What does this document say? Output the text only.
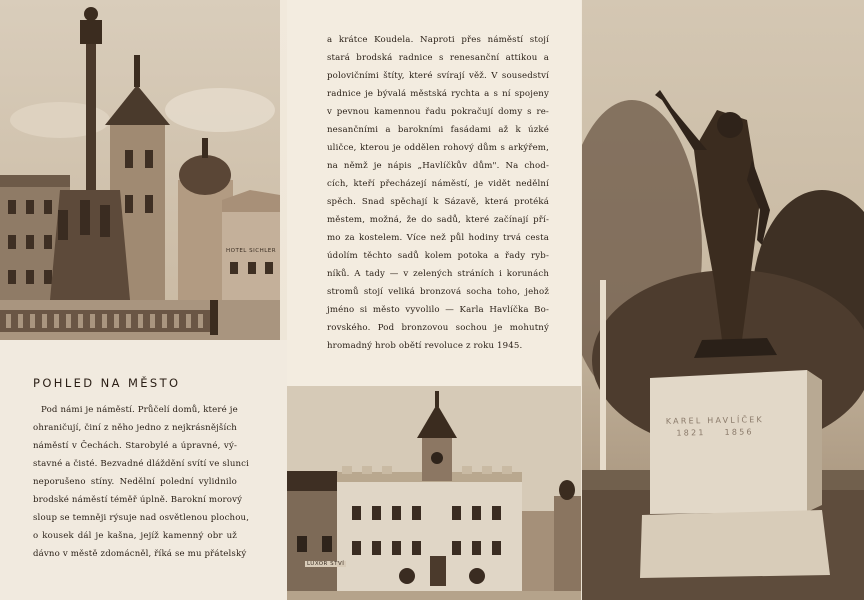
HOTEL SICHLER
a krátce Koudela. Naproti přes náměstí stojí
stará brodská radnice s renesanční attikou a
polovičními štíty, které svírají věž. V sousedství
radnice je bývalá městská rychta a s ní spojeny
v pevnou kamennou řadu pokračují domy s re-
nesančními a barokními fasádami až k úzké
uličce, kterou je oddělen rohový dům s arkýřem,
na němž je nápis „Havlíčkův dům". Na chod-
cích, kteří přecházejí náměstí, je vidět nedělní
spěch. Snad spěchají k Sázavě, která protéká
městem, možná, že do sadů, které začínají pří-
mo za kostelem. Více než půl hodiny trvá cesta
údolím těchto sadů kolem potoka a řady ryb-
níků. A tady — v zelených stráních i korunách
stromů stojí veliká bronzová socha toho, jehož
jméno si město vyvolilo — Karla Havlíčka Bo-
rovského. Pod bronzovou sochou je mohutný
hromadný hrob obětí revoluce z roku 1945.
POHLED NA MĚSTO
Pod námi je náměstí. Průčelí domů, které je
ohraničují, činí z něho jedno z nejkrásnějších
náměstí v Čechách. Starobylé a úpravné, vý-
stavné a čisté. Bezvadné dláždění svítí ve slunci
neporušeno stíny. Nedělní polední vylidnilo
brodské náměstí téměř úplně. Barokní morový
sloup se temněji rýsuje nad osvětlenou plochou,
o kousek dál je kašna, jejíž kamenný obr už
dávno v městě zdomácněl, říká se mu přátelský
LUXOR STVÍ
KAREL HAVLÍČEK
1821    1856
